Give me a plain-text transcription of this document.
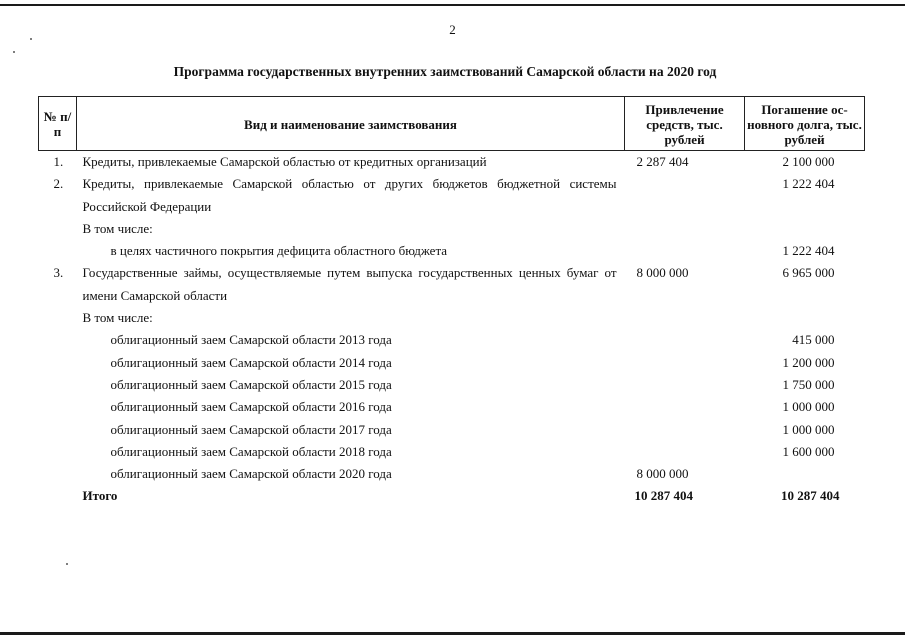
2
Программа государственных внутренних заимствований Самарской области на 2020 год
№ п/п	Вид и наименование заимствования	Привлечение средств, тыс. рублей	Погашение ос-новного долга, тыс. рублей
1.	Кредиты, привлекаемые Самарской областью от кредитных организаций	2 287 404	2 100 000
2.	Кредиты, привлекаемые Самарской областью от других бюджетов бюджетной системы Российской Федерации		1 222 404
	В том числе:		
	в целях частичного покрытия дефицита областного бюджета		1 222 404
3.	Государственные займы, осуществляемые путем выпуска государственных ценных бумаг от имени Самарской области	8 000 000	6 965 000
	В том числе:		
	облигационный заем Самарской области 2013 года		415 000
	облигационный заем Самарской области 2014 года		1 200 000
	облигационный заем Самарской области 2015 года		1 750 000
	облигационный заем Самарской области 2016 года		1 000 000
	облигационный заем Самарской области 2017 года		1 000 000
	облигационный заем Самарской области 2018 года		1 600 000
	облигационный заем Самарской области 2020 года	8 000 000	
	Итого	10 287 404	10 287 404
